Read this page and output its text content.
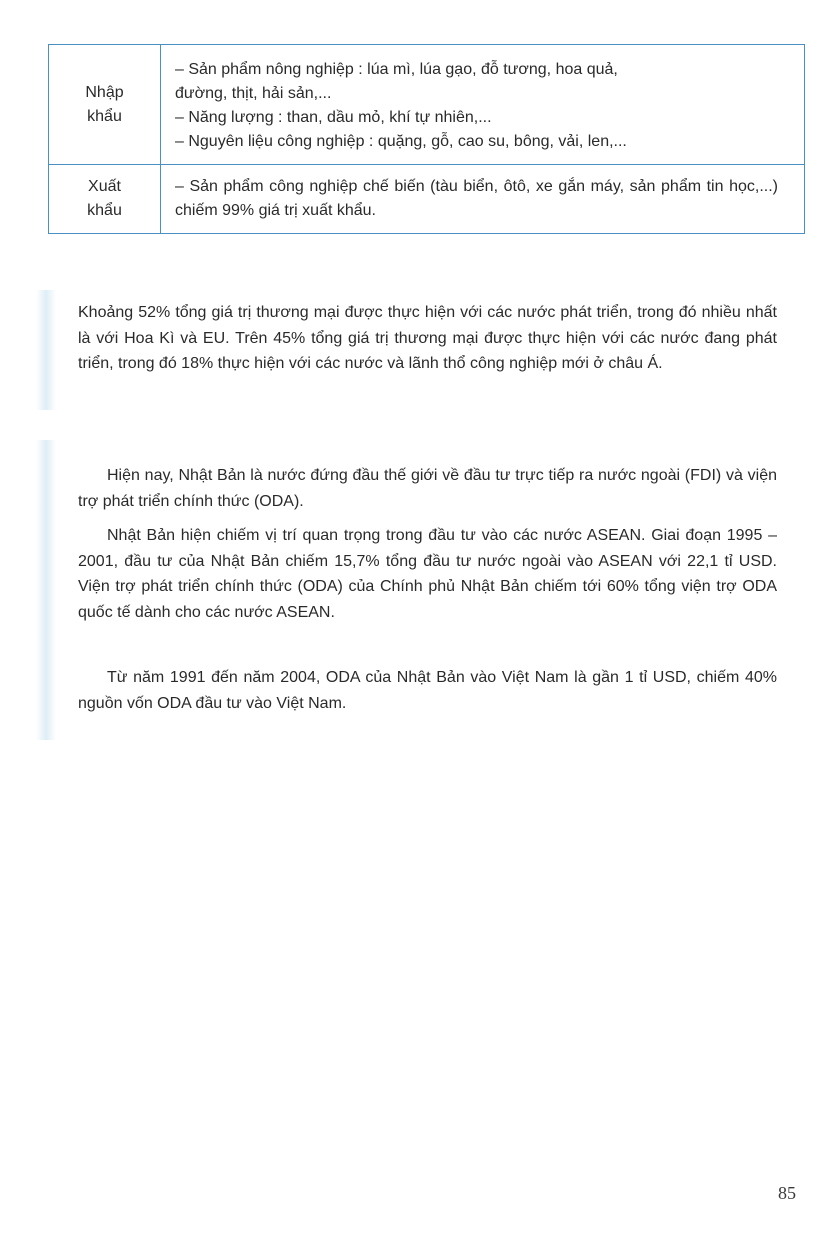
Nhập
khẩu	– Sản phẩm nông nghiệp : lúa mì, lúa gạo, đỗ tương, hoa quả,
đường, thịt, hải sản,...
– Năng lượng : than, dầu mỏ, khí tự nhiên,...
– Nguyên liệu công nghiệp : quặng, gỗ, cao su, bông, vải, len,...

Xuất
khẩu	– Sản phẩm công nghiệp chế biến (tàu biển, ôtô, xe gắn máy, sản phẩm tin học,...) chiếm 99% giá trị xuất khẩu.

Khoảng 52% tổng giá trị thương mại được thực hiện với các nước phát triển, trong đó nhiều nhất là với Hoa Kì và EU. Trên 45% tổng giá trị thương mại được thực hiện với các nước đang phát triển, trong đó 18% thực hiện với các nước và lãnh thổ công nghiệp mới ở châu Á.

Hiện nay, Nhật Bản là nước đứng đầu thế giới về đầu tư trực tiếp ra nước ngoài (FDI) và viện trợ phát triển chính thức (ODA).

Nhật Bản hiện chiếm vị trí quan trọng trong đầu tư vào các nước ASEAN. Giai đoạn 1995 – 2001, đầu tư của Nhật Bản chiếm 15,7% tổng đầu tư nước ngoài vào ASEAN với 22,1 tỉ USD. Viện trợ phát triển chính thức (ODA) của Chính phủ Nhật Bản chiếm tới 60% tổng viện trợ ODA quốc tế dành cho các nước ASEAN.

Từ năm 1991 đến năm 2004, ODA của Nhật Bản vào Việt Nam là gần 1 tỉ USD, chiếm 40% nguồn vốn ODA đầu tư vào Việt Nam.

85
